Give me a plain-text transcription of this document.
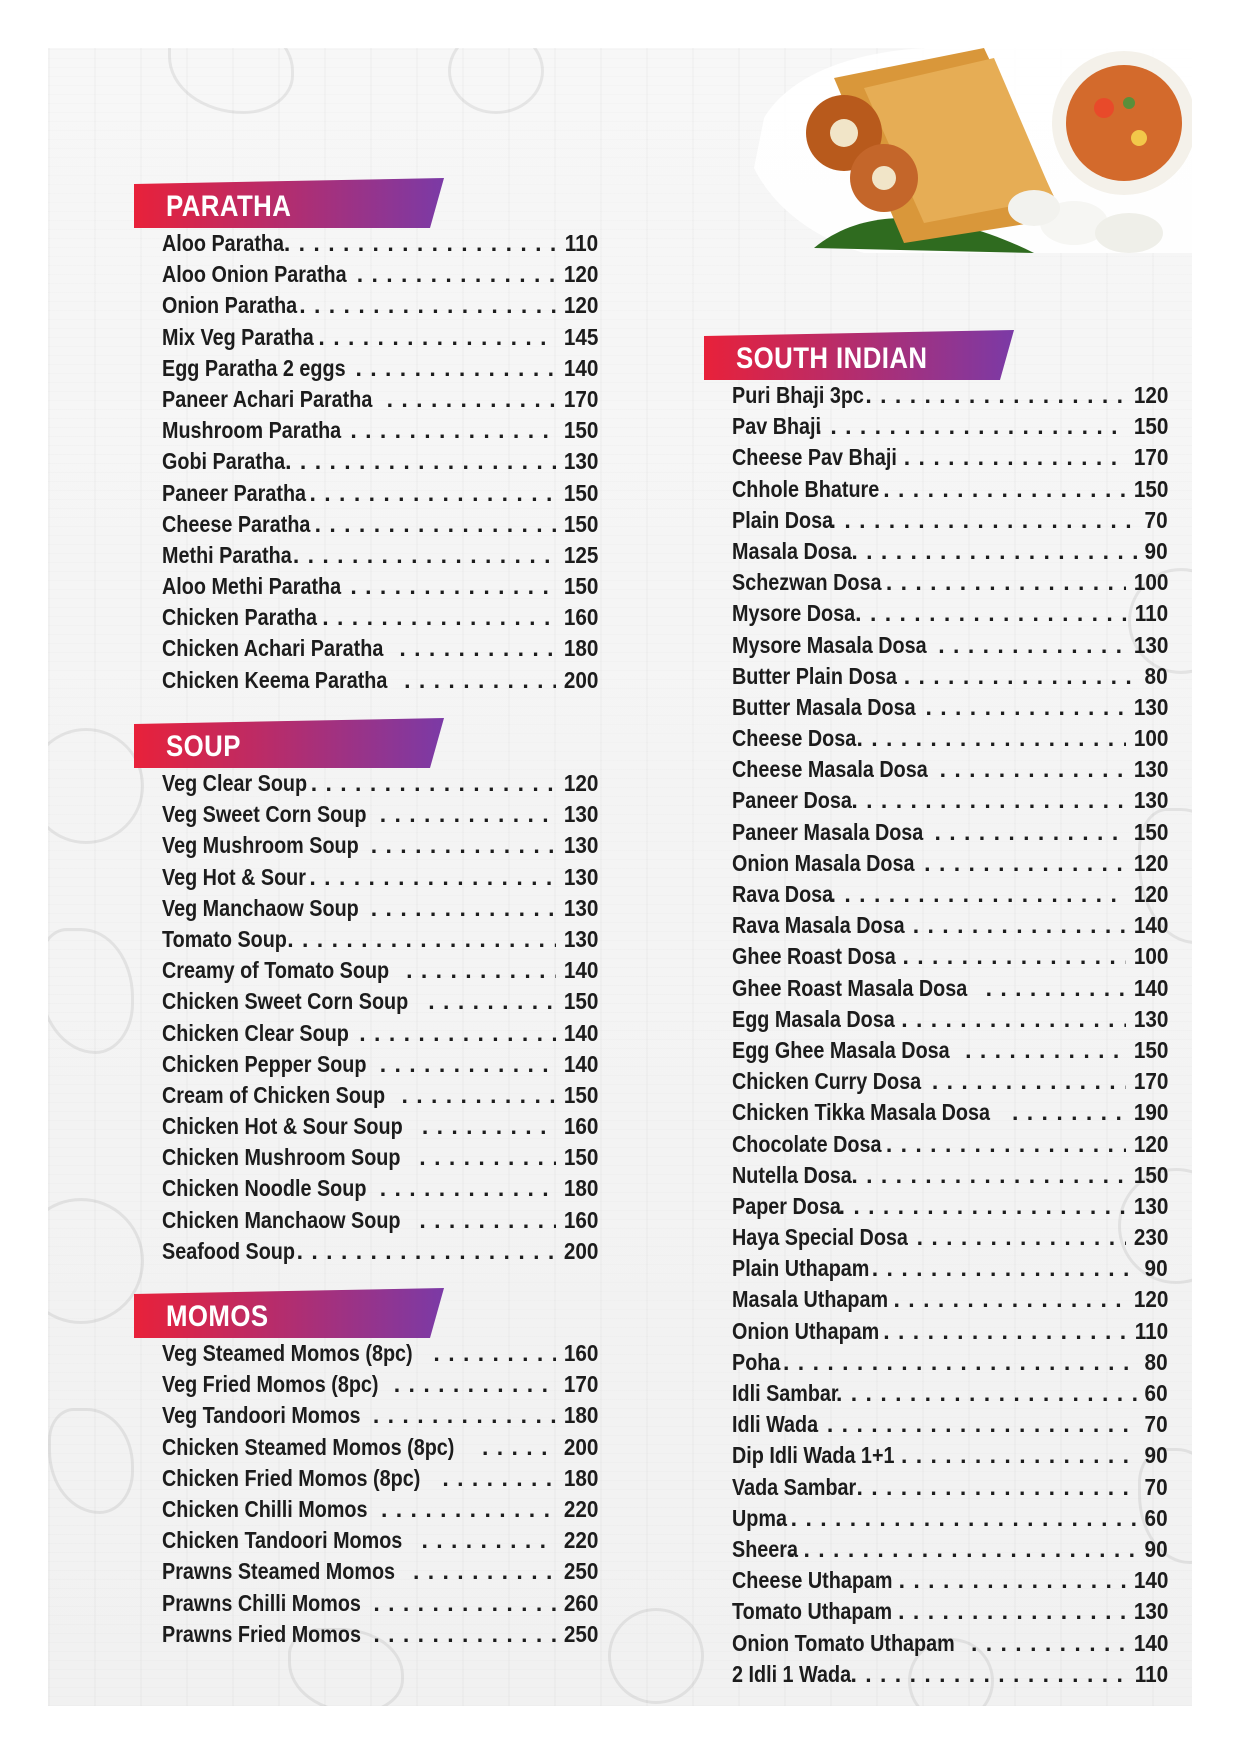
PARATHA
Aloo Paratha . . .	110
Aloo Onion Paratha . . .	120
Onion Paratha . . .	120
Mix Veg Paratha . . .	145
Egg Paratha 2 eggs . . .	140
Paneer Achari Paratha . . .	170
Mushroom Paratha . . .	150
Gobi Paratha . . .	130
Paneer Paratha . . .	150
Cheese Paratha . . .	150
Methi Paratha . . .	125
Aloo Methi Paratha . . .	150
Chicken Paratha . . .	160
Chicken Achari Paratha . . .	180
Chicken Keema Paratha . . .	200
SOUP
Veg Clear Soup . . .	120
Veg Sweet Corn Soup . . .	130
Veg Mushroom Soup . . .	130
Veg Hot & Sour . . .	130
Veg Manchaow Soup . . .	130
Tomato Soup . . .	130
Creamy of Tomato Soup . . .	140
Chicken Sweet Corn Soup . . .	150
Chicken Clear Soup . . .	140
Chicken Pepper Soup . . .	140
Cream of Chicken Soup . . .	150
Chicken Hot & Sour Soup . . .	160
Chicken Mushroom Soup . . .	150
Chicken Noodle Soup . . .	180
Chicken Manchaow Soup . . .	160
Seafood Soup . . .	200
MOMOS
Veg Steamed Momos (8pc) . . .	160
Veg Fried Momos (8pc) . . .	170
Veg Tandoori Momos . . .	180
Chicken Steamed Momos (8pc) . . .	200
Chicken Fried Momos (8pc) . . .	180
Chicken Chilli Momos . . .	220
Chicken Tandoori Momos . . .	220
Prawns Steamed Momos . . .	250
Prawns Chilli Momos . . .	260
Prawns Fried Momos . . .	250
SOUTH INDIAN
Puri Bhaji 3pc . . .	120
Pav Bhaji . . .	150
Cheese Pav Bhaji . . .	170
Chhole Bhature . . .	150
Plain Dosa . . .	70
Masala Dosa . . .	90
Schezwan Dosa . . .	100
Mysore Dosa . . .	110
Mysore Masala Dosa . . .	130
Butter Plain Dosa . . .	80
Butter Masala Dosa . . .	130
Cheese Dosa . . .	100
Cheese Masala Dosa . . .	130
Paneer Dosa . . .	130
Paneer Masala Dosa . . .	150
Onion Masala Dosa . . .	120
Rava Dosa . . .	120
Rava Masala Dosa . . .	140
Ghee Roast Dosa . . .	100
Ghee Roast Masala Dosa . . .	140
Egg Masala Dosa . . .	130
Egg Ghee Masala Dosa . . .	150
Chicken Curry Dosa . . .	170
Chicken Tikka Masala Dosa . . .	190
Chocolate Dosa . . .	120
Nutella Dosa . . .	150
Paper Dosa . . .	130
Haya Special Dosa . . .	230
Plain Uthapam . . .	90
Masala Uthapam . . .	120
Onion Uthapam . . .	110
Poha . . .	80
Idli Sambar . . .	60
Idli Wada . . .	70
Dip Idli Wada 1+1 . . .	90
Vada Sambar . . .	70
Upma . . .	60
Sheera . . .	90
Cheese Uthapam . . .	140
Tomato Uthapam . . .	130
Onion Tomato Uthapam . . .	140
2 Idli 1 Wada . . .	110
